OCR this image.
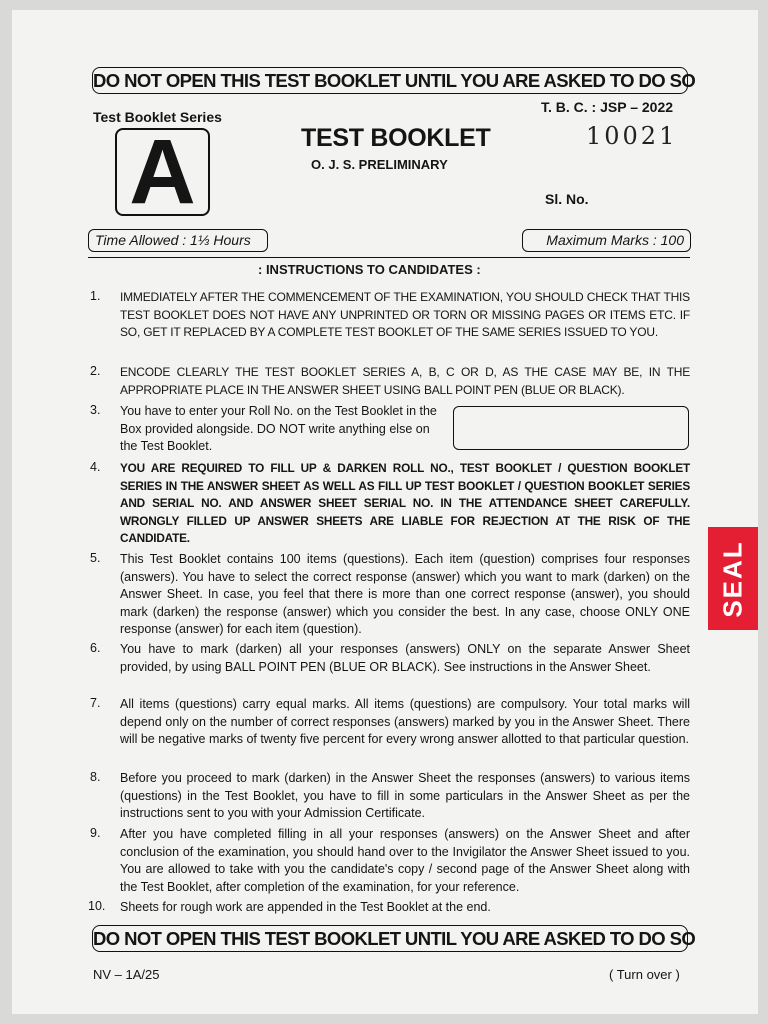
DO NOT OPEN THIS TEST BOOKLET UNTIL YOU ARE ASKED TO DO SO
Test Booklet Series
A
T. B. C. : JSP – 2022
TEST BOOKLET
O. J. S. PRELIMINARY
10021
Sl. No.
Time Allowed : 1⅓ Hours	Maximum Marks : 100
: INSTRUCTIONS TO CANDIDATES :
1. IMMEDIATELY AFTER THE COMMENCEMENT OF THE EXAMINATION, YOU SHOULD CHECK THAT THIS TEST BOOKLET DOES NOT HAVE ANY UNPRINTED OR TORN OR MISSING PAGES OR ITEMS ETC. IF SO, GET IT REPLACED BY A COMPLETE TEST BOOKLET OF THE SAME SERIES ISSUED TO YOU.
2. ENCODE CLEARLY THE TEST BOOKLET SERIES A, B, C OR D, AS THE CASE MAY BE, IN THE APPROPRIATE PLACE IN THE ANSWER SHEET USING BALL POINT PEN (BLUE OR BLACK).
3. You have to enter your Roll No. on the Test Booklet in the Box provided alongside. DO NOT write anything else on the Test Booklet.
4. YOU ARE REQUIRED TO FILL UP & DARKEN ROLL NO., TEST BOOKLET / QUESTION BOOKLET SERIES IN THE ANSWER SHEET AS WELL AS FILL UP TEST BOOKLET / QUESTION BOOKLET SERIES AND SERIAL NO. AND ANSWER SHEET SERIAL NO. IN THE ATTENDANCE SHEET CAREFULLY. WRONGLY FILLED UP ANSWER SHEETS ARE LIABLE FOR REJECTION AT THE RISK OF THE CANDIDATE.
5. This Test Booklet contains 100 items (questions). Each item (question) comprises four responses (answers). You have to select the correct response (answer) which you want to mark (darken) on the Answer Sheet. In case, you feel that there is more than one correct response (answer), you should mark (darken) the response (answer) which you consider the best. In any case, choose ONLY ONE response (answer) for each item (question).
6. You have to mark (darken) all your responses (answers) ONLY on the separate Answer Sheet provided, by using BALL POINT PEN (BLUE OR BLACK). See instructions in the Answer Sheet.
7. All items (questions) carry equal marks. All items (questions) are compulsory. Your total marks will depend only on the number of correct responses (answers) marked by you in the Answer Sheet. There will be negative marks of twenty five percent for every wrong answer allotted to that particular question.
8. Before you proceed to mark (darken) in the Answer Sheet the responses (answers) to various items (questions) in the Test Booklet, you have to fill in some particulars in the Answer Sheet as per the instructions sent to you with your Admission Certificate.
9. After you have completed filling in all your responses (answers) on the Answer Sheet and after conclusion of the examination, you should hand over to the Invigilator the Answer Sheet issued to you. You are allowed to take with you the candidate's copy / second page of the Answer Sheet along with the Test Booklet, after completion of the examination, for your reference.
10. Sheets for rough work are appended in the Test Booklet at the end.
DO NOT OPEN THIS TEST BOOKLET UNTIL YOU ARE ASKED TO DO SO
NV – 1A/25	( Turn over )
SEAL
